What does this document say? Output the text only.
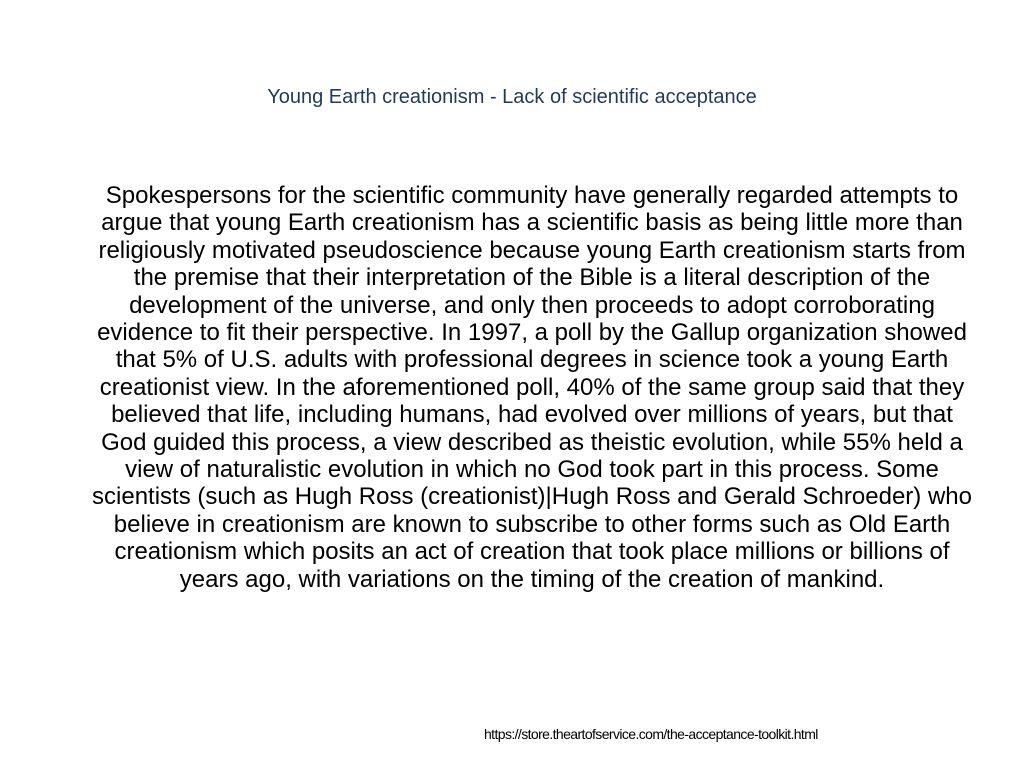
Young Earth creationism - Lack of scientific acceptance

Spokespersons for the scientific community have generally regarded attempts to argue that young Earth creationism has a scientific basis as being little more than religiously motivated pseudoscience because young Earth creationism starts from the premise that their interpretation of the Bible is a literal description of the development of the universe, and only then proceeds to adopt corroborating evidence to fit their perspective. In 1997, a poll by the Gallup organization showed that 5% of U.S. adults with professional degrees in science took a young Earth creationist view. In the aforementioned poll, 40% of the same group said that they believed that life, including humans, had evolved over millions of years, but that God guided this process, a view described as theistic evolution, while 55% held a view of naturalistic evolution in which no God took part in this process. Some scientists (such as Hugh Ross (creationist)|Hugh Ross and Gerald Schroeder) who believe in creationism are known to subscribe to other forms such as Old Earth creationism which posits an act of creation that took place millions or billions of years ago, with variations on the timing of the creation of mankind.

https://store.theartofservice.com/the-acceptance-toolkit.html
